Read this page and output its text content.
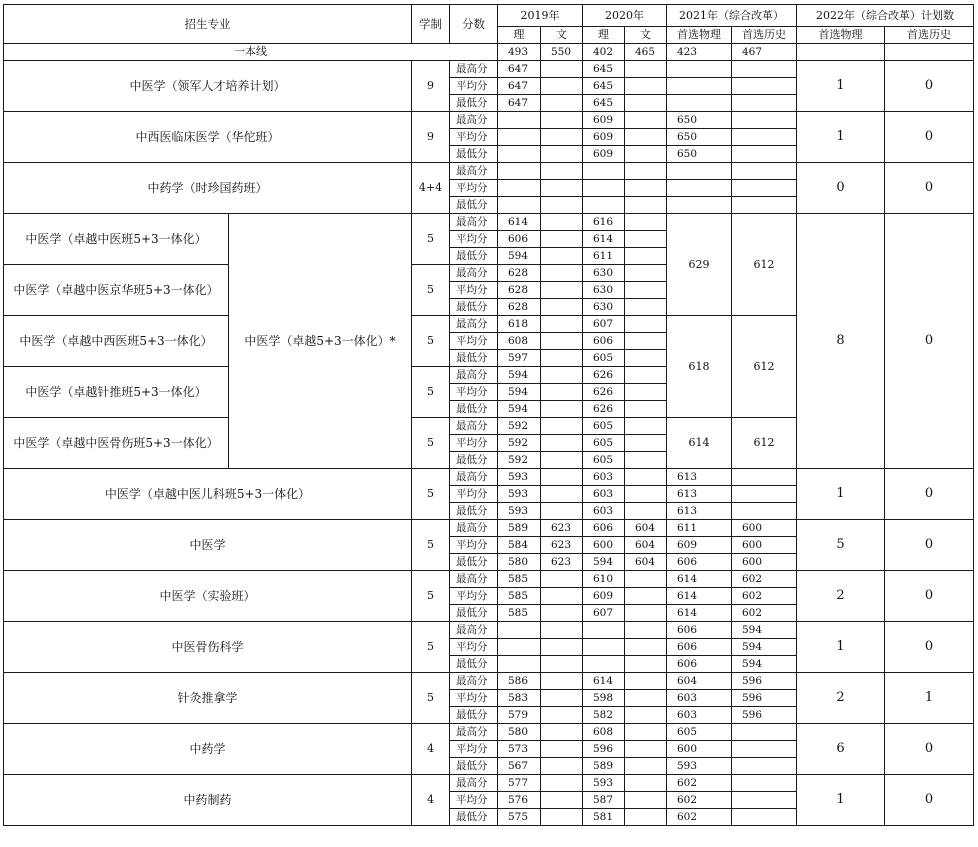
招生专业		学制	分数	2019年		2020年		2021年（综合改革）		2022年（综合改革）计划数	
				理	文	理	文	首选物理	首选历史	首选物理	首选历史
一本线				493	550	402	465	423	467		
中医学（领军人才培养计划）		9	最高分	647		645				1	0
			平均分	647		645					
			最低分	647		645					
中西医临床医学（华佗班）		9	最高分			609		650		1	0
			平均分			609		650			
			最低分			609		650			
中药学（时珍国药班）		4+4	最高分							0	0
			平均分								
			最低分								
中医学（卓越中医班5+3一体化）	中医学（卓越5+3一体化）*	5	最高分	614		616		629	612	8	0
			平均分	606		614					
			最低分	594		611					
中医学（卓越中医京华班5+3一体化）		5	最高分	628		630					
			平均分	628		630					
			最低分	628		630					
中医学（卓越中西医班5+3一体化）		5	最高分	618		607		618	612		
			平均分	608		606					
			最低分	597		605					
中医学（卓越针推班5+3一体化）		5	最高分	594		626					
			平均分	594		626					
			最低分	594		626					
中医学（卓越中医骨伤班5+3一体化）		5	最高分	592		605		614	612		
			平均分	592		605					
			最低分	592		605					
中医学（卓越中医儿科班5+3一体化）		5	最高分	593		603		613		1	0
			平均分	593		603		613			
			最低分	593		603		613			
中医学		5	最高分	589	623	606	604	611	600	5	0
			平均分	584	623	600	604	609	600		
			最低分	580	623	594	604	606	600		
中医学（实验班）		5	最高分	585		610		614	602	2	0
			平均分	585		609		614	602		
			最低分	585		607		614	602		
中医骨伤科学		5	最高分					606	594	1	0
			平均分					606	594		
			最低分					606	594		
针灸推拿学		5	最高分	586		614		604	596	2	1
			平均分	583		598		603	596		
			最低分	579		582		603	596		
中药学		4	最高分	580		608		605		6	0
			平均分	573		596		600			
			最低分	567		589		593			
中药制药		4	最高分	577		593		602		1	0
			平均分	576		587		602			
			最低分	575		581		602			
